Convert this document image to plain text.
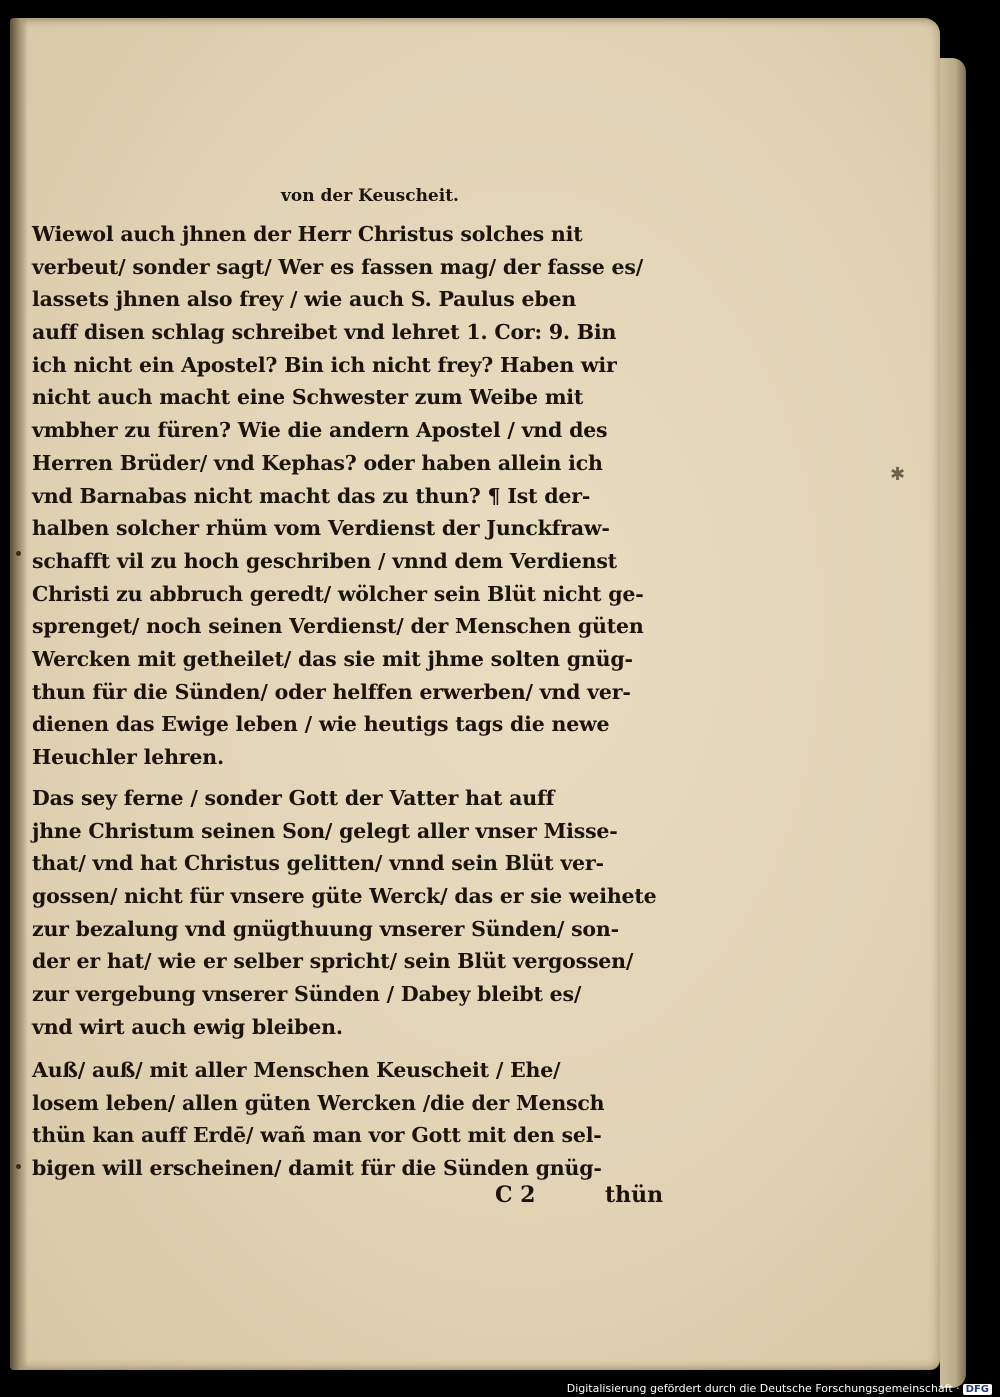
von der Keuscheit.
Wiewol auch jhnen der Herr Christus solches nit
verbeut/ sonder sagt/ Wer es fassen mag/ der fasse es/
lassets jhnen also frey / wie auch S. Paulus eben
auff disen schlag schreibet vnd lehret 1. Cor: 9. Bin
ich nicht ein Apostel? Bin ich nicht frey? Haben wir
nicht auch macht eine Schwester zum Weibe mit
vmbher zu füren? Wie die andern Apostel / vnd des
Herren Brüder/ vnd Kephas? oder haben allein ich
vnd Barnabas nicht macht das zu thun? ¶ Ist der-
halben solcher rhüm vom Verdienst der Junckfraw-
schafft vil zu hoch geschriben / vnnd dem Verdienst
Christi zu abbruch geredt/ wölcher sein Blüt nicht ge-
sprenget/ noch seinen Verdienst/ der Menschen güten
Wercken mit getheilet/ das sie mit jhme solten gnüg-
thun für die Sünden/ oder helffen erwerben/ vnd ver-
dienen das Ewige leben / wie heutigs tags die newe
Heuchler lehren.
Das sey ferne / sonder Gott der Vatter hat auff
jhne Christum seinen Son/ gelegt aller vnser Misse-
that/ vnd hat Christus gelitten/ vnnd sein Blüt ver-
gossen/ nicht für vnsere güte Werck/ das er sie weihete
zur bezalung vnd gnügthuung vnserer Sünden/ son-
der er hat/ wie er selber spricht/ sein Blüt vergossen/
zur vergebung vnserer Sünden / Dabey bleibt es/
vnd wirt auch ewig bleiben.
Auß/ auß/ mit aller Menschen Keuscheit / Ehe/
losem leben/ allen güten Wercken /die der Mensch
thün kan auff Erdē/ wañ man vor Gott mit den sel-
bigen will erscheinen/ damit für die Sünden gnüg-
C 2	thün
✱
Digitalisierung gefördert durch die Deutsche Forschungsgemeinschaft · DFG
